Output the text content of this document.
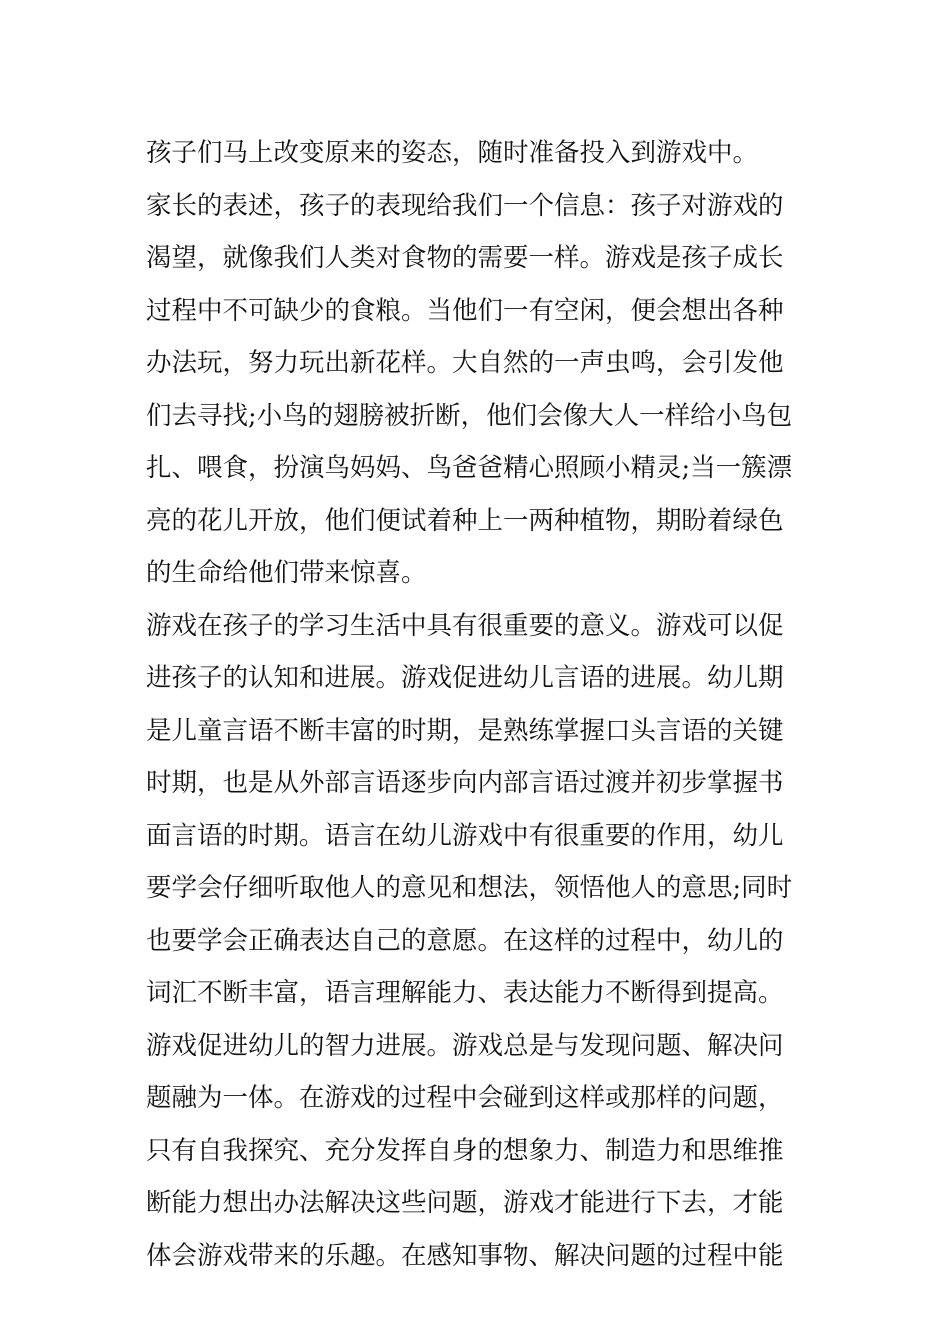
孩子们马上改变原来的姿态，随时准备投入到游戏中。
家长的表述，孩子的表现给我们一个信息：孩子对游戏的
渴望，就像我们人类对食物的需要一样。游戏是孩子成长
过程中不可缺少的食粮。当他们一有空闲，便会想出各种
办法玩，努力玩出新花样。大自然的一声虫鸣，会引发他
们去寻找;小鸟的翅膀被折断，他们会像大人一样给小鸟包
扎、喂食，扮演鸟妈妈、鸟爸爸精心照顾小精灵;当一簇漂
亮的花儿开放，他们便试着种上一两种植物，期盼着绿色
的生命给他们带来惊喜。
游戏在孩子的学习生活中具有很重要的意义。游戏可以促
进孩子的认知和进展。游戏促进幼儿言语的进展。幼儿期
是儿童言语不断丰富的时期，是熟练掌握口头言语的关键
时期，也是从外部言语逐步向内部言语过渡并初步掌握书
面言语的时期。语言在幼儿游戏中有很重要的作用，幼儿
要学会仔细听取他人的意见和想法，领悟他人的意思;同时
也要学会正确表达自己的意愿。在这样的过程中，幼儿的
词汇不断丰富，语言理解能力、表达能力不断得到提高。
游戏促进幼儿的智力进展。游戏总是与发现问题、解决问
题融为一体。在游戏的过程中会碰到这样或那样的问题，
只有自我探究、充分发挥自身的想象力、制造力和思维推
断能力想出办法解决这些问题，游戏才能进行下去，才能
体会游戏带来的乐趣。在感知事物、解决问题的过程中能
